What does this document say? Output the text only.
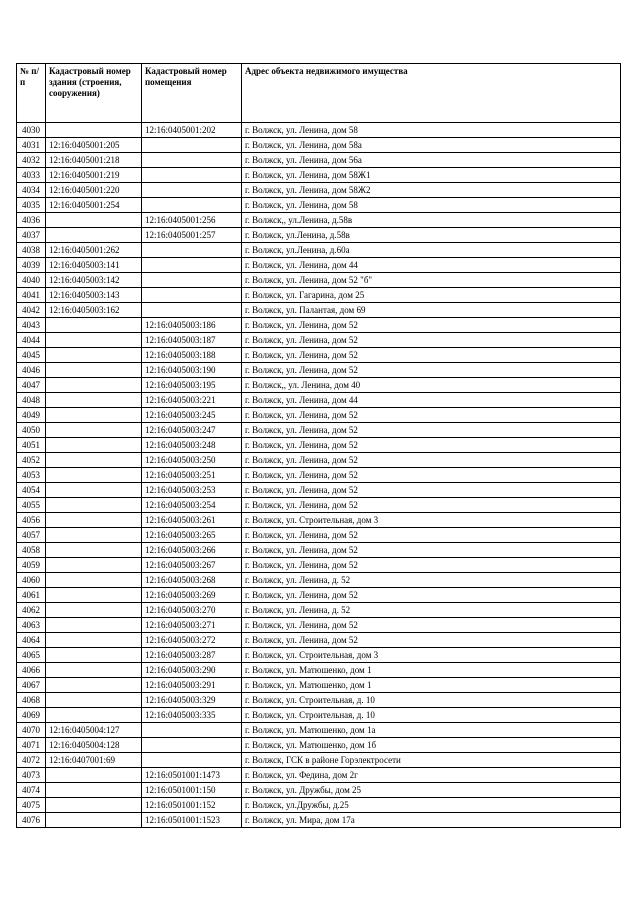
№ п/п	Кадастровый номер здания (строения, сооружения)	Кадастровый номер помещения	Адрес объекта недвижимого имущества
4030		12:16:0405001:202	г. Волжск, ул. Ленина, дом 58
4031	12:16:0405001:205		г. Волжск, ул. Ленина, дом 58а
4032	12:16:0405001:218		г. Волжск, ул. Ленина, дом 56а
4033	12:16:0405001:219		г. Волжск, ул. Ленина, дом 58Ж1
4034	12:16:0405001:220		г. Волжск, ул. Ленина, дом 58Ж2
4035	12:16:0405001:254		г. Волжск, ул. Ленина, дом 58
4036		12:16:0405001:256	г. Волжск,, ул.Ленина, д.58в
4037		12:16:0405001:257	г. Волжск, ул.Ленина, д.58в
4038	12:16:0405001:262		г. Волжск, ул.Ленина, д.60а
4039	12:16:0405003:141		г. Волжск, ул. Ленина, дом 44
4040	12:16:0405003:142		г. Волжск, ул. Ленина, дом 52 "б"
4041	12:16:0405003:143		г. Волжск, ул. Гагарина, дом 25
4042	12:16:0405003:162		г. Волжск, ул. Палантая, дом 69
4043		12:16:0405003:186	г. Волжск, ул. Ленина, дом 52
4044		12:16:0405003:187	г. Волжск, ул. Ленина, дом 52
4045		12:16:0405003:188	г. Волжск, ул. Ленина, дом 52
4046		12:16:0405003:190	г. Волжск, ул. Ленина, дом 52
4047		12:16:0405003:195	г. Волжск,, ул. Ленина, дом 40
4048		12:16:0405003:221	г. Волжск, ул. Ленина, дом 44
4049		12:16:0405003:245	г. Волжск, ул. Ленина, дом 52
4050		12:16:0405003:247	г. Волжск, ул. Ленина, дом 52
4051		12:16:0405003:248	г. Волжск, ул. Ленина, дом 52
4052		12:16:0405003:250	г. Волжск, ул. Ленина, дом 52
4053		12:16:0405003:251	г. Волжск, ул. Ленина, дом 52
4054		12:16:0405003:253	г. Волжск, ул. Ленина, дом 52
4055		12:16:0405003:254	г. Волжск, ул. Ленина, дом 52
4056		12:16:0405003:261	г. Волжск, ул. Строительная, дом 3
4057		12:16:0405003:265	г. Волжск, ул. Ленина, дом 52
4058		12:16:0405003:266	г. Волжск, ул. Ленина, дом 52
4059		12:16:0405003:267	г. Волжск, ул. Ленина, дом 52
4060		12:16:0405003:268	г. Волжск, ул. Ленина, д. 52
4061		12:16:0405003:269	г. Волжск, ул. Ленина, дом 52
4062		12:16:0405003:270	г. Волжск, ул. Ленина, д. 52
4063		12:16:0405003:271	г. Волжск, ул. Ленина, дом 52
4064		12:16:0405003:272	г. Волжск, ул. Ленина, дом 52
4065		12:16:0405003:287	г. Волжск, ул. Строительная, дом 3
4066		12:16:0405003:290	г. Волжск, ул. Матюшенко, дом 1
4067		12:16:0405003:291	г. Волжск, ул. Матюшенко, дом 1
4068		12:16:0405003:329	г. Волжск, ул. Строительная, д. 10
4069		12:16:0405003:335	г. Волжск, ул. Строительная, д. 10
4070	12:16:0405004:127		г. Волжск, ул. Матюшенко, дом 1а
4071	12:16:0405004:128		г. Волжск, ул. Матюшенко, дом 1б
4072	12:16:0407001:69		г. Волжск, ГСК в районе Горэлектросети
4073		12:16:0501001:1473	г. Волжск, ул. Федина, дом 2г
4074		12:16:0501001:150	г. Волжск, ул. Дружбы, дом 25
4075		12:16:0501001:152	г. Волжск, ул.Дружбы, д.25
4076		12:16:0501001:1523	г. Волжск, ул. Мира, дом 17а
